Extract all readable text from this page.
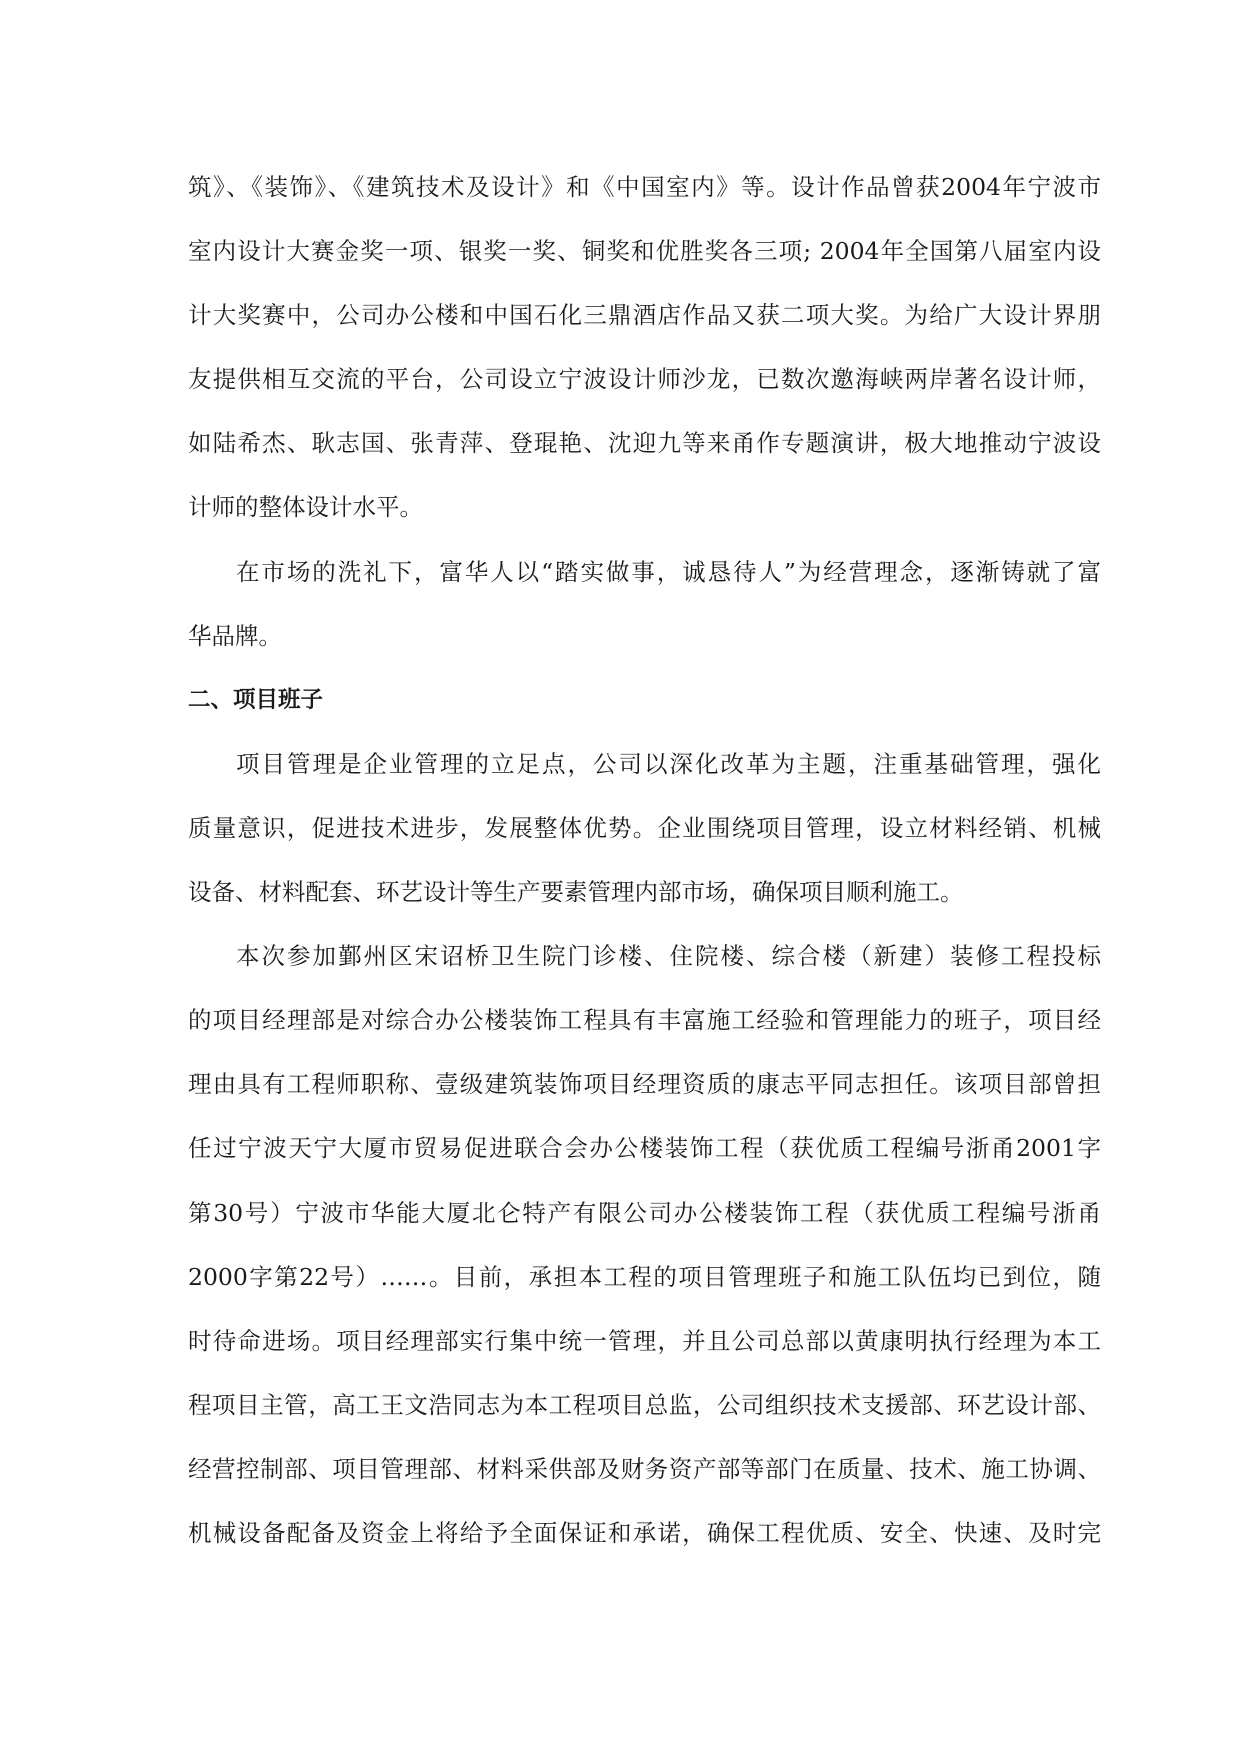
筑》、《装饰》、《建筑技术及设计》和《中国室内》等。设计作品曾获2004年宁波市
室内设计大赛金奖一项、银奖一奖、铜奖和优胜奖各三项; 2004年全国第八届室内设
计大奖赛中，公司办公楼和中国石化三鼎酒店作品又获二项大奖。为给广大设计界朋
友提供相互交流的平台，公司设立宁波设计师沙龙，已数次邀海峡两岸著名设计师，
如陆希杰、耿志国、张青萍、登琨艳、沈迎九等来甬作专题演讲，极大地推动宁波设
计师的整体设计水平。
在市场的洗礼下，富华人以“踏实做事，诚恳待人”为经营理念，逐渐铸就了富
华品牌。
二、项目班子
项目管理是企业管理的立足点，公司以深化改革为主题，注重基础管理，强化
质量意识，促进技术进步，发展整体优势。企业围绕项目管理，设立材料经销、机械
设备、材料配套、环艺设计等生产要素管理内部市场，确保项目顺利施工。
本次参加鄞州区宋诏桥卫生院门诊楼、住院楼、综合楼（新建）装修工程投标
的项目经理部是对综合办公楼装饰工程具有丰富施工经验和管理能力的班子，项目经
理由具有工程师职称、壹级建筑装饰项目经理资质的康志平同志担任。该项目部曾担
任过宁波天宁大厦市贸易促进联合会办公楼装饰工程（获优质工程编号浙甬2001字
第30号）宁波市华能大厦北仑特产有限公司办公楼装饰工程（获优质工程编号浙甬
2000字第22号）……。目前，承担本工程的项目管理班子和施工队伍均已到位，随
时待命进场。项目经理部实行集中统一管理，并且公司总部以黄康明执行经理为本工
程项目主管，高工王文浩同志为本工程项目总监，公司组织技术支援部、环艺设计部、
经营控制部、项目管理部、材料采供部及财务资产部等部门在质量、技术、施工协调、
机械设备配备及资金上将给予全面保证和承诺，确保工程优质、安全、快速、及时完
